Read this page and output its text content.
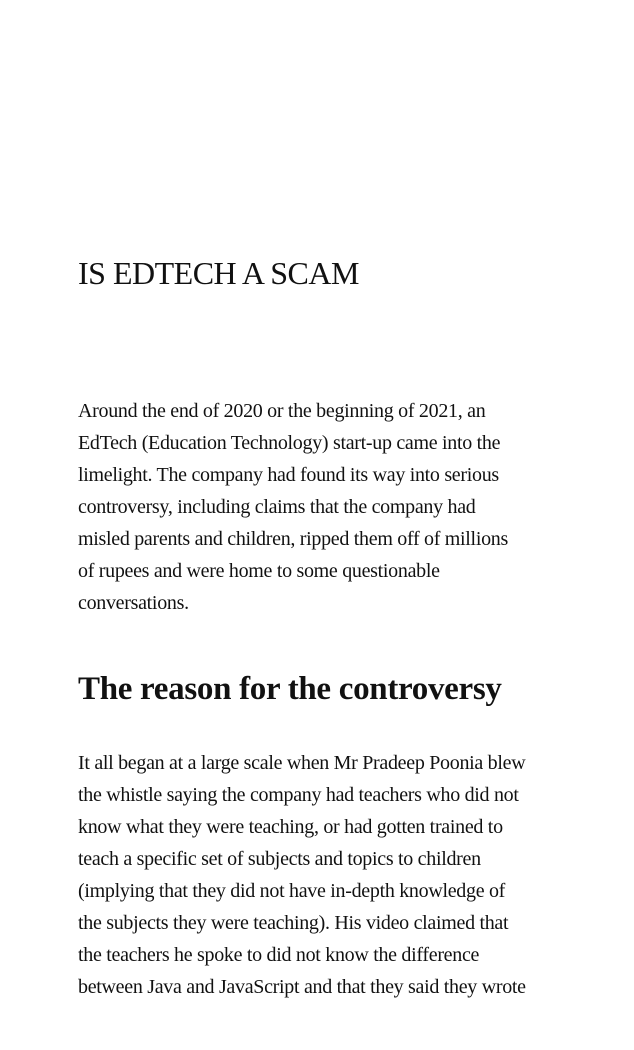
IS EDTECH A SCAM

Around the end of 2020 or the beginning of 2021, an
EdTech (Education Technology) start-up came into the
limelight. The company had found its way into serious
controversy, including claims that the company had
misled parents and children, ripped them off of millions
of rupees and were home to some questionable
conversations.

The reason for the controversy

It all began at a large scale when Mr Pradeep Poonia blew
the whistle saying the company had teachers who did not
know what they were teaching, or had gotten trained to
teach a specific set of subjects and topics to children
(implying that they did not have in-depth knowledge of
the subjects they were teaching). His video claimed that
the teachers he spoke to did not know the difference
between Java and JavaScript and that they said they wrote
